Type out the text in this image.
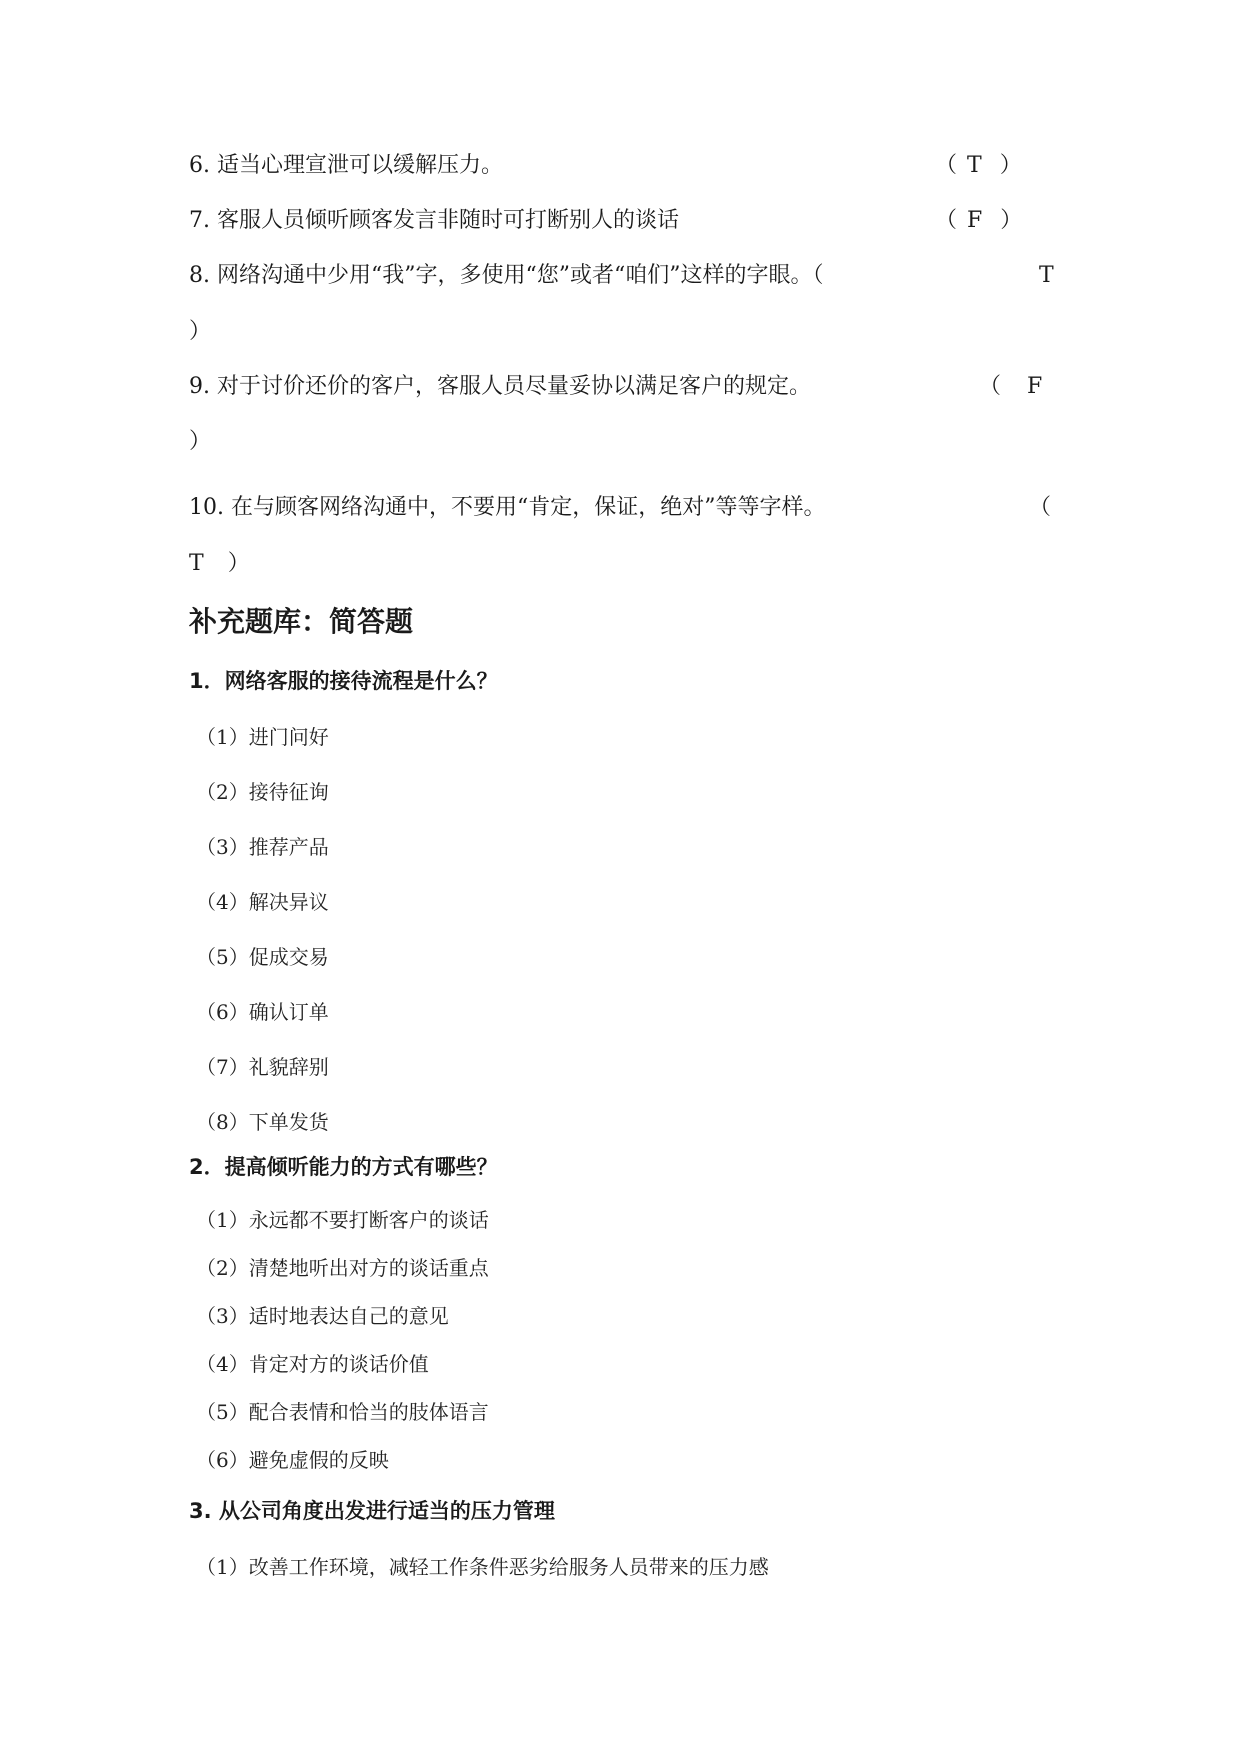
6. 适当心理宣泄可以缓解压力。	（ T ）
7. 客服人员倾听顾客发言非随时可打断别人的谈话	（ F ）
8. 网络沟通中少用“我”字，多使用“您”或者“咱们”这样的字眼。（	T
）
9. 对于讨价还价的客户，客服人员尽量妥协以满足客户的规定。	（ F
）
10. 在与顾客网络沟通中，不要用“肯定，保证，绝对”等等字样。	（
T ）
补充题库：简答题
1．网络客服的接待流程是什么？
（1）进门问好
（2）接待征询
（3）推荐产品
（4）解决异议
（5）促成交易
（6）确认订单
（7）礼貌辞别
（8）下单发货
2．提高倾听能力的方式有哪些？
（1）永远都不要打断客户的谈话
（2）清楚地听出对方的谈话重点
（3）适时地表达自己的意见
（4）肯定对方的谈话价值
（5）配合表情和恰当的肢体语言
（6）避免虚假的反映
3. 从公司角度出发进行适当的压力管理
（1）改善工作环境，减轻工作条件恶劣给服务人员带来的压力感
